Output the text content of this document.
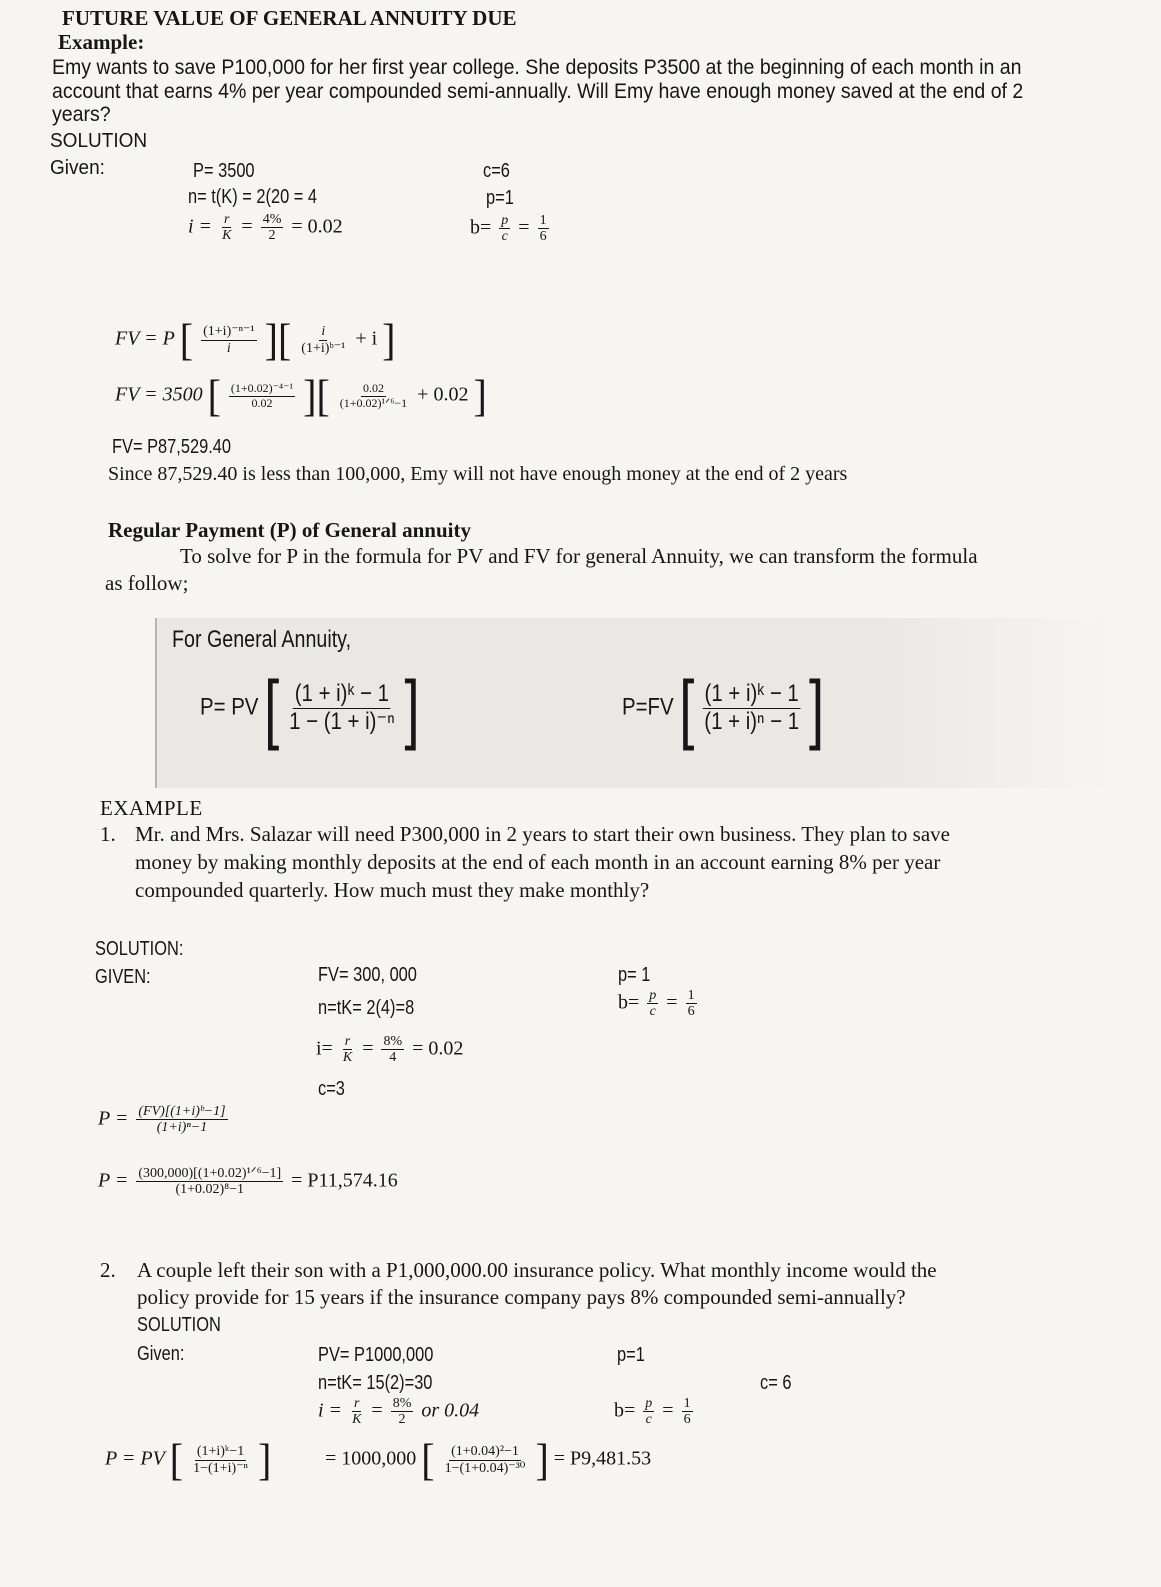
FUTURE VALUE OF GENERAL ANNUITY DUE
Example:
Emy wants to save P100,000 for her first year college. She deposits P3500 at the beginning of each month in an
account that earns 4% per year compounded semi-annually. Will Emy have enough money saved at the end of 2
years?
SOLUTION
Given:	P= 3500
n= t(K) = 2(20 = 4
$i = \frac{r}{K} = \frac{4\%}{2} = 0.02$
c=6
p=1
$b= \frac{p}{c} = \frac{1}{6}$
FV = P [ $\frac{\text{(1+i)⁻ⁿ⁻¹}}{i}$ ][ $\frac{i}{\text{(1+i)ᵇ⁻¹}} + i$ ]
FV = 3500 [ $\frac{\text{(1+0.02)⁻⁴⁻¹}}{0.02}$ ][ $\frac{0.02}{\text{(1+0.02)¹ᐟ⁶−1}} + 0.02$ ]
FV= P87,529.40
Since 87,529.40 is less than 100,000, Emy will not have enough money at the end of 2 years
Regular Payment (P) of General annuity
To solve for P in the formula for PV and FV for general Annuity, we can transform the formula
as follow;
For General Annuity,
P= PV [ $\frac{\text{(1 + i)ᵏ − 1}}{\text{1 − (1 + i)⁻ⁿ}}$ ]	P=FV [ $\frac{\text{(1 + i)ᵏ − 1}}{\text{(1 + i)ⁿ − 1}}$ ]
EXAMPLE
1. Mr. and Mrs. Salazar will need P300,000 in 2 years to start their own business. They plan to save
money by making monthly deposits at the end of each month in an account earning 8% per year
compounded quarterly. How much must they make monthly?
SOLUTION:
GIVEN:	FV= 300, 000
n=tK= 2(4)=8
$i= \frac{r}{K} = \frac{8\%}{4} = 0.02$
c=3
p= 1
$b= \frac{p}{c} = \frac{1}{6}$
$P = \frac{\text{(FV)[(1+i)ᵇ−1]}}{\text{(1+i)ⁿ−1}}$
$P = \frac{\text{(300,000)[(1+0.02)¹ᐟ⁶−1]}}{\text{(1+0.02)⁸−1}} = P11,574.16$
2. A couple left their son with a P1,000,000.00 insurance policy. What monthly income would the
policy provide for 15 years if the insurance company pays 8% compounded semi-annually?
SOLUTION
Given:	PV= P1000,000
n=tK= 15(2)=30
$i = \frac{r}{K} = \frac{8\%}{2}$ or 0.04
p=1
c= 6
$b= \frac{p}{c} = \frac{1}{6}$
P = PV [ $\frac{\text{(1+i)ᵏ−1}}{\text{1−(1+i)⁻ⁿ}}$ ]	= 1000,000 [ $\frac{\text{(1+0.04)²−1}}{\text{1−(1+0.04)⁻³⁰}}$ ] = P9,481.53
